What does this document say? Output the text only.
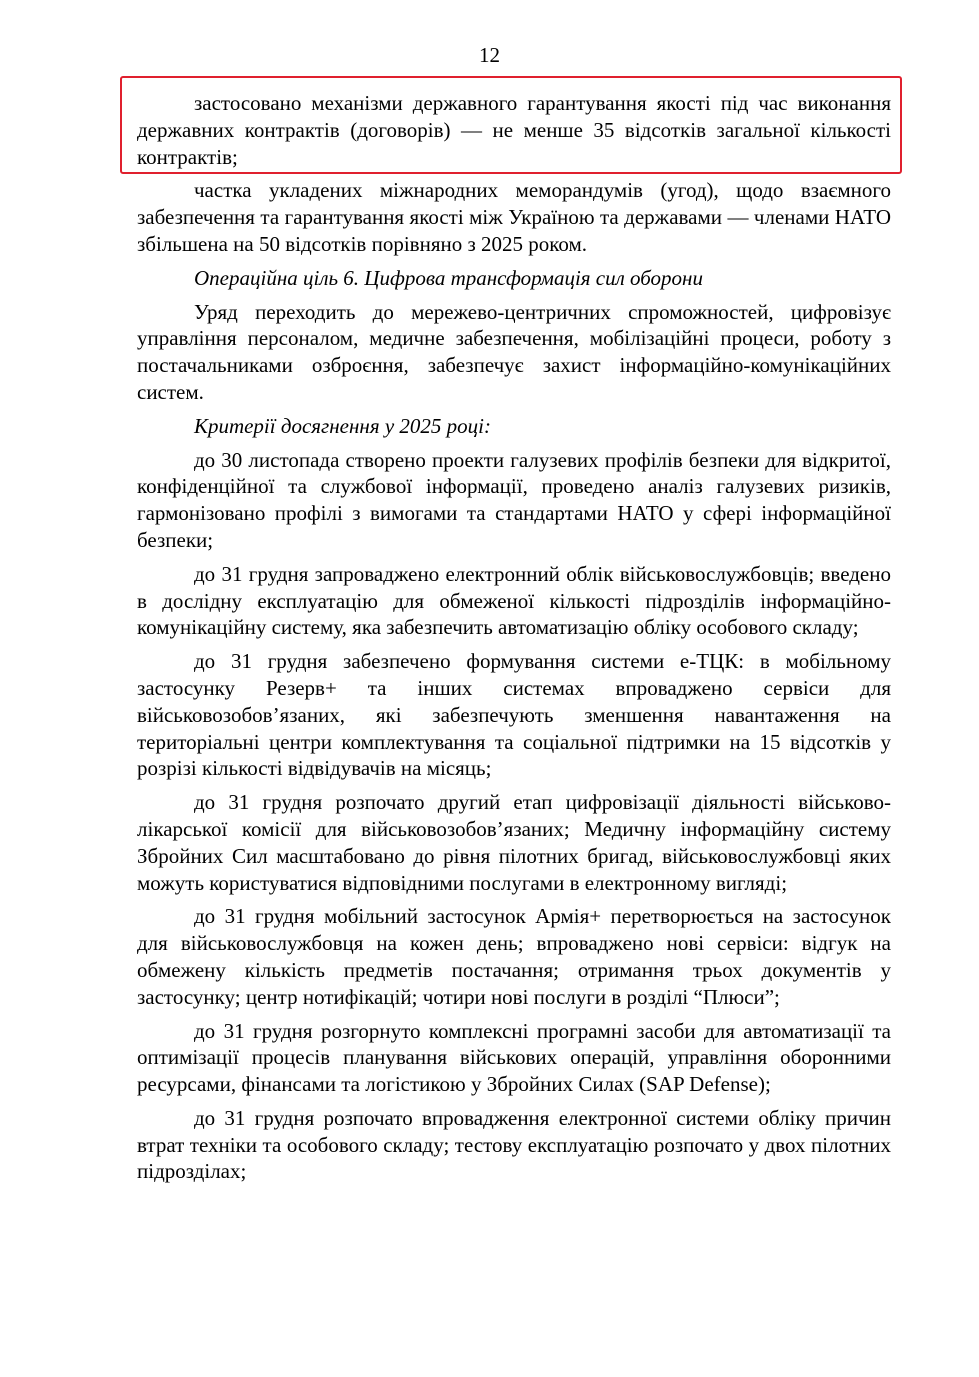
12

застосовано механізми державного гарантування якості під час виконання державних контрактів (договорів) — не менше 35 відсотків загальної кількості контрактів;

частка укладених міжнародних меморандумів (угод), щодо взаємного забезпечення та гарантування якості між Україною та державами — членами НАТО збільшена на 50 відсотків порівняно з 2025 роком.

Операційна ціль 6. Цифрова трансформація сил оборони

Уряд переходить до мережево-центричних спроможностей, цифровізує управління персоналом, медичне забезпечення, мобілізаційні процеси, роботу з постачальниками озброєння, забезпечує захист інформаційно-комунікаційних систем.

Критерії досягнення у 2025 році:

до 30 листопада створено проекти галузевих профілів безпеки для відкритої, конфіденційної та службової інформації, проведено аналіз галузевих ризиків, гармонізовано профілі з вимогами та стандартами НАТО у сфері інформаційної безпеки;

до 31 грудня запроваджено електронний облік військовослужбовців; введено в дослідну експлуатацію для обмеженої кількості підрозділів інформаційно-комунікаційну систему, яка забезпечить автоматизацію обліку особового складу;

до 31 грудня забезпечено формування системи е-ТЦК: в мобільному застосунку Резерв+ та інших системах впроваджено сервіси для військовозобов’язаних, які забезпечують зменшення навантаження на територіальні центри комплектування та соціальної підтримки на 15 відсотків у розрізі кількості відвідувачів на місяць;

до 31 грудня розпочато другий етап цифровізації діяльності військово-лікарської комісії для військовозобов’язаних; Медичну інформаційну систему Збройних Сил масштабовано до рівня пілотних бригад, військовослужбовці яких можуть користуватися відповідними послугами в електронному вигляді;

до 31 грудня мобільний застосунок Армія+ перетворюється на застосунок для військовослужбовця на кожен день; впроваджено нові сервіси: відгук на обмежену кількість предметів постачання; отримання трьох документів у застосунку; центр нотифікацій; чотири нові послуги в розділі “Плюси”;

до 31 грудня розгорнуто комплексні програмні засоби для автоматизації та оптимізації процесів планування військових операцій, управління оборонними ресурсами, фінансами та логістикою у Збройних Силах (SAP Defense);

до 31 грудня розпочато впровадження електронної системи обліку причин втрат техніки та особового складу; тестову експлуатацію розпочато у двох пілотних підрозділах;
